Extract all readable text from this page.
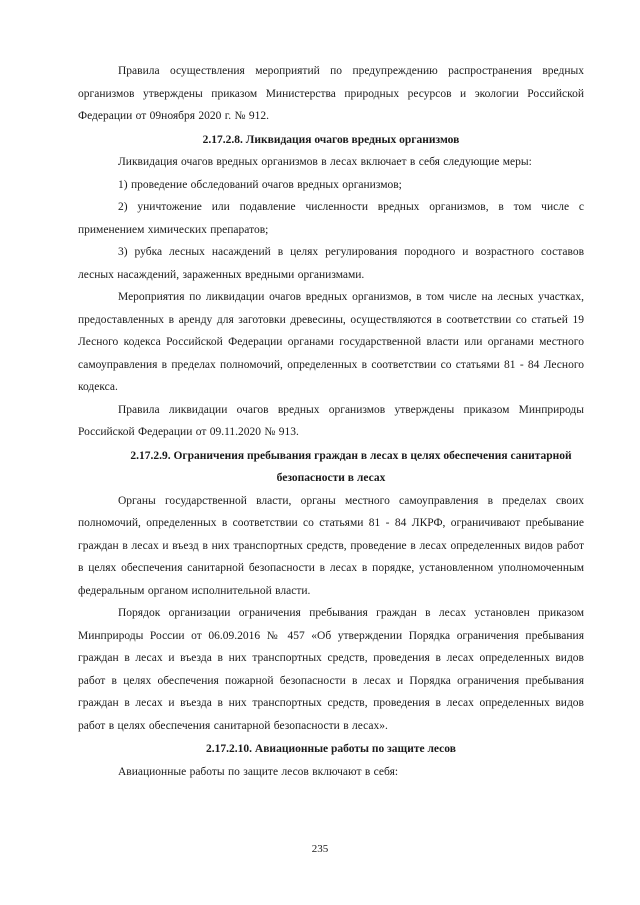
Правила осуществления мероприятий по предупреждению распространения вредных организмов утверждены приказом Министерства природных ресурсов и экологии Российской Федерации от 09ноября 2020 г. № 912.

2.17.2.8. Ликвидация очагов вредных организмов

Ликвидация очагов вредных организмов в лесах включает в себя следующие меры:

1) проведение обследований очагов вредных организмов;

2) уничтожение или подавление численности вредных организмов, в том числе с применением химических препаратов;

3) рубка лесных насаждений в целях регулирования породного и возрастного составов лесных насаждений, зараженных вредными организмами.

Мероприятия по ликвидации очагов вредных организмов, в том числе на лесных участках, предоставленных в аренду для заготовки древесины, осуществляются в соответствии со статьей 19 Лесного кодекса Российской Федерации органами государственной власти или органами местного самоуправления в пределах полномочий, определенных в соответствии со статьями 81 - 84 Лесного кодекса.

Правила ликвидации очагов вредных организмов утверждены приказом Минприроды Российской Федерации от 09.11.2020 № 913.

2.17.2.9. Ограничения пребывания граждан в лесах в целях обеспечения санитарной безопасности в лесах

Органы государственной власти, органы местного самоуправления в пределах своих полномочий, определенных в соответствии со статьями 81 - 84 ЛКРФ, ограничивают пребывание граждан в лесах и въезд в них транспортных средств, проведение в лесах определенных видов работ в целях обеспечения санитарной безопасности в лесах в порядке, установленном уполномоченным федеральным органом исполнительной власти.

Порядок организации ограничения пребывания граждан в лесах установлен приказом Минприроды России от 06.09.2016 № 457 «Об утверждении Порядка ограничения пребывания граждан в лесах и въезда в них транспортных средств, проведения в лесах определенных видов работ в целях обеспечения пожарной безопасности в лесах и Порядка ограничения пребывания граждан в лесах и въезда в них транспортных средств, проведения в лесах определенных видов работ в целях обеспечения санитарной безопасности в лесах».

2.17.2.10. Авиационные работы по защите лесов

Авиационные работы по защите лесов включают в себя:

235
